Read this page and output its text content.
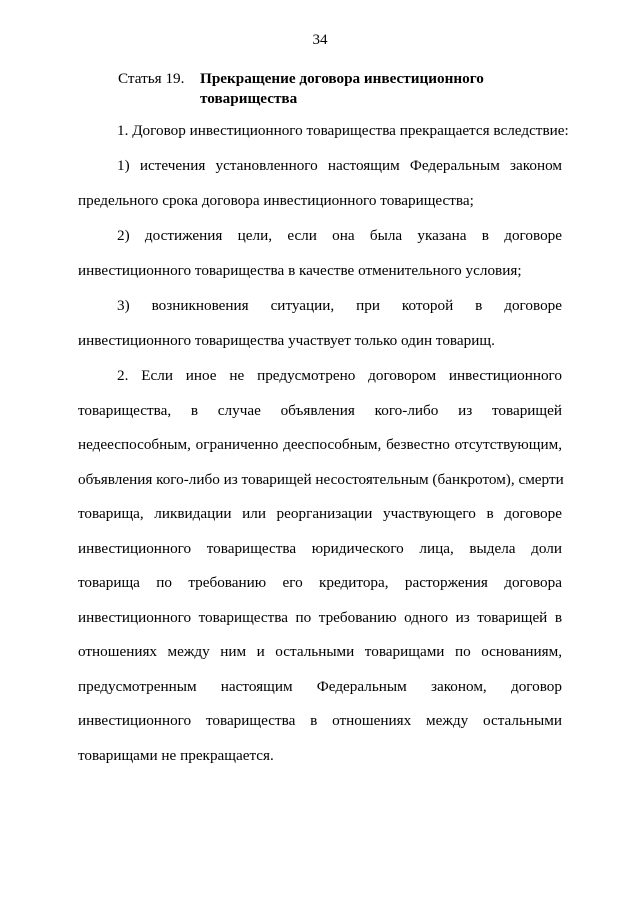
34
Статья 19. Прекращение договора инвестиционного
товарищества
1. Договор инвестиционного товарищества прекращается вследствие:
1) истечения установленного настоящим Федеральным законом
предельного срока договора инвестиционного товарищества;
2) достижения цели, если она была указана в договоре
инвестиционного товарищества в качестве отменительного условия;
3) возникновения ситуации, при которой в договоре
инвестиционного товарищества участвует только один товарищ.
2. Если иное не предусмотрено договором инвестиционного
товарищества, в случае объявления кого-либо из товарищей
недееспособным, ограниченно дееспособным, безвестно отсутствующим,
объявления кого-либо из товарищей несостоятельным (банкротом), смерти
товарища, ликвидации или реорганизации участвующего в договоре
инвестиционного товарищества юридического лица, выдела доли
товарища по требованию его кредитора, расторжения договора
инвестиционного товарищества по требованию одного из товарищей в
отношениях между ним и остальными товарищами по основаниям,
предусмотренным настоящим Федеральным законом, договор
инвестиционного товарищества в отношениях между остальными
товарищами не прекращается.
